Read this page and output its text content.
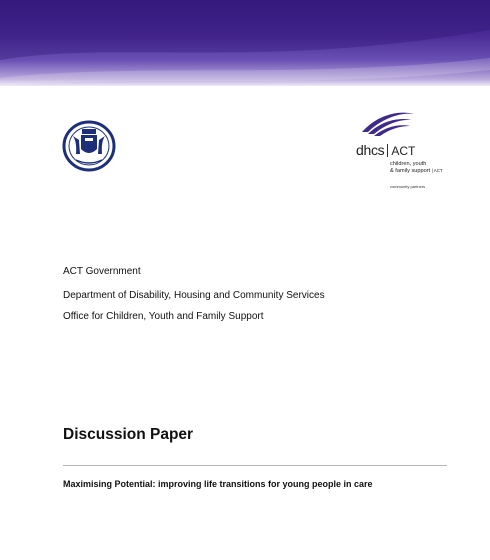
dhcs ACT
children, youth
& family support | ACT
community partners
ACT Government
Department of Disability, Housing and Community Services
Office for Children, Youth and Family Support
Discussion Paper
Maximising Potential: improving life transitions for young people in care
